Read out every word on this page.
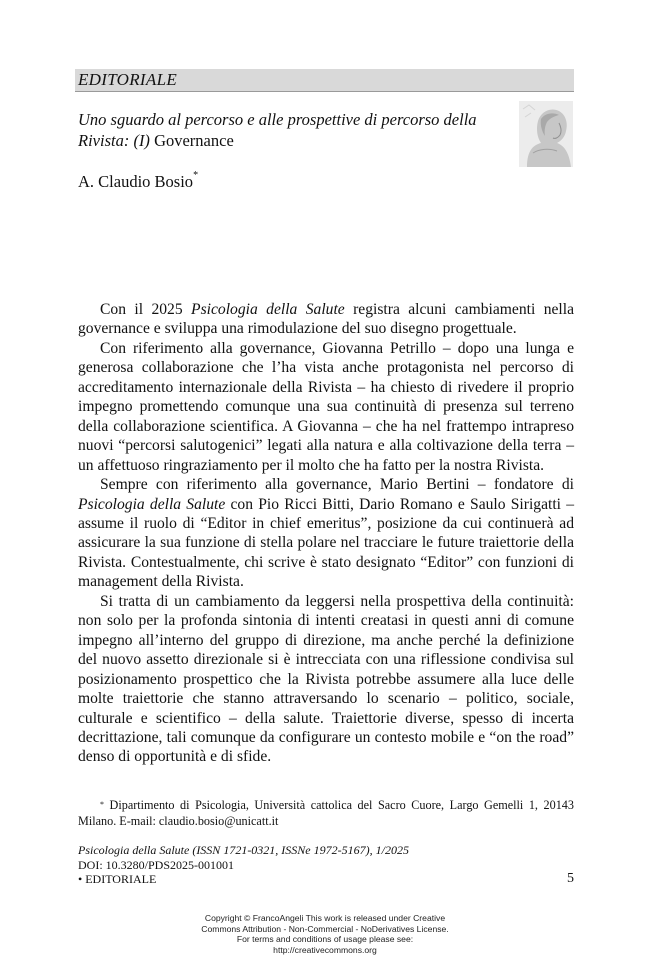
EDITORIALE
Uno sguardo al percorso e alle prospettive di percorso della Rivista: (I) Governance
A. Claudio Bosio*

Con il 2025 Psicologia della Salute registra alcuni cambiamenti nella governance e sviluppa una rimodulazione del suo disegno progettuale.

Con riferimento alla governance, Giovanna Petrillo – dopo una lunga e generosa collaborazione che l’ha vista anche protagonista nel percorso di accreditamento internazionale della Rivista – ha chiesto di rivedere il proprio impegno promettendo comunque una sua continuità di presenza sul terreno della collaborazione scientifica. A Giovanna – che ha nel frattempo intrapreso nuovi “percorsi salutogenici” legati alla natura e alla coltivazione della terra – un affettuoso ringraziamento per il molto che ha fatto per la nostra Rivista.

Sempre con riferimento alla governance, Mario Bertini – fondatore di Psicologia della Salute con Pio Ricci Bitti, Dario Romano e Saulo Sirigatti – assume il ruolo di “Editor in chief emeritus”, posizione da cui continuerà ad assicurare la sua funzione di stella polare nel tracciare le future traiettorie della Rivista. Contestualmente, chi scrive è stato designato “Editor” con funzioni di management della Rivista.

Si tratta di un cambiamento da leggersi nella prospettiva della continuità: non solo per la profonda sintonia di intenti creatasi in questi anni di comune impegno all’interno del gruppo di direzione, ma anche perché la definizione del nuovo assetto direzionale si è intrecciata con una riflessione condivisa sul posizionamento prospettico che la Rivista potrebbe assumere alla luce delle molte traiettorie che stanno attraversando lo scenario – politico, sociale, culturale e scientifico – della salute. Traiettorie diverse, spesso di incerta decrittazione, tali comunque da configurare un contesto mobile e “on the road” denso di opportunità e di sfide.

* Dipartimento di Psicologia, Università cattolica del Sacro Cuore, Largo Gemelli 1, 20143 Milano. E-mail: claudio.bosio@unicatt.it

Psicologia della Salute (ISSN 1721-0321, ISSNe 1972-5167), 1/2025
DOI: 10.3280/PDS2025-001001
• EDITORIALE	5
Copyright © FrancoAngeli This work is released under Creative
Commons Attribution - Non-Commercial - NoDerivatives License.
For terms and conditions of usage please see:
http://creativecommons.org
